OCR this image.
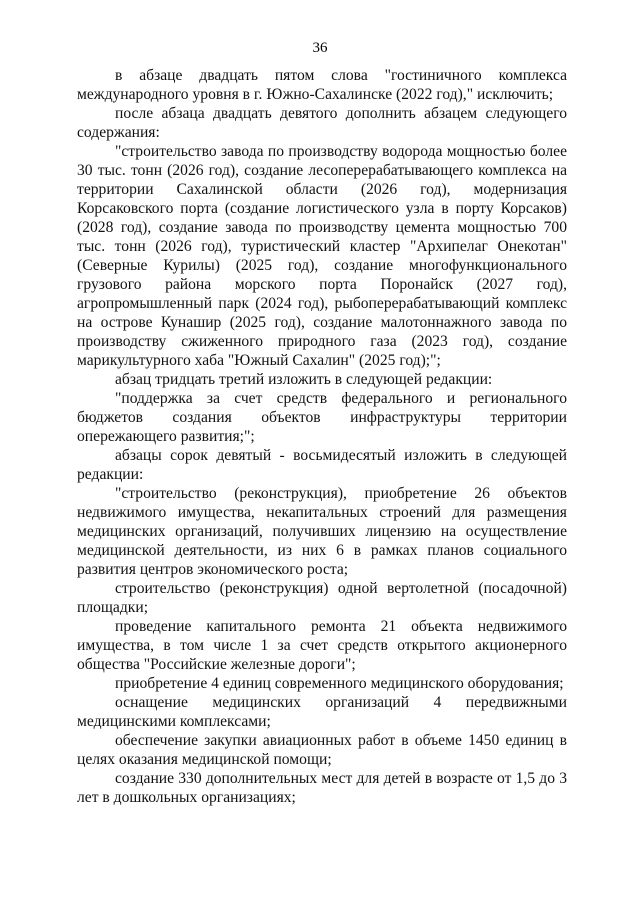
36

в абзаце двадцать пятом слова "гостиничного комплекса международного уровня в г. Южно-Сахалинске (2022 год)," исключить;

после абзаца двадцать девятого дополнить абзацем следующего содержания:

"строительство завода по производству водорода мощностью более 30 тыс. тонн (2026 год), создание лесоперерабатывающего комплекса на территории Сахалинской области (2026 год), модернизация Корсаковского порта (создание логистического узла в порту Корсаков) (2028 год), создание завода по производству цемента мощностью 700 тыс. тонн (2026 год), туристический кластер "Архипелаг Онекотан" (Северные Курилы) (2025 год), создание многофункционального грузового района морского порта Поронайск (2027 год), агропромышленный парк (2024 год), рыбоперерабатывающий комплекс на острове Кунашир (2025 год), создание малотоннажного завода по производству сжиженного природного газа (2023 год), создание марикультурного хаба "Южный Сахалин" (2025 год);";

абзац тридцать третий изложить в следующей редакции:

"поддержка за счет средств федерального и регионального бюджетов создания объектов инфраструктуры территории опережающего развития;";

абзацы сорок девятый - восьмидесятый изложить в следующей редакции:

"строительство (реконструкция), приобретение 26 объектов недвижимого имущества, некапитальных строений для размещения медицинских организаций, получивших лицензию на осуществление медицинской деятельности, из них 6 в рамках планов социального развития центров экономического роста;

строительство (реконструкция) одной вертолетной (посадочной) площадки;

проведение капитального ремонта 21 объекта недвижимого имущества, в том числе 1 за счет средств открытого акционерного общества "Российские железные дороги";

приобретение 4 единиц современного медицинского оборудования;

оснащение медицинских организаций 4 передвижными медицинскими комплексами;

обеспечение закупки авиационных работ в объеме 1450 единиц в целях оказания медицинской помощи;

создание 330 дополнительных мест для детей в возрасте от 1,5 до 3 лет в дошкольных организациях;
